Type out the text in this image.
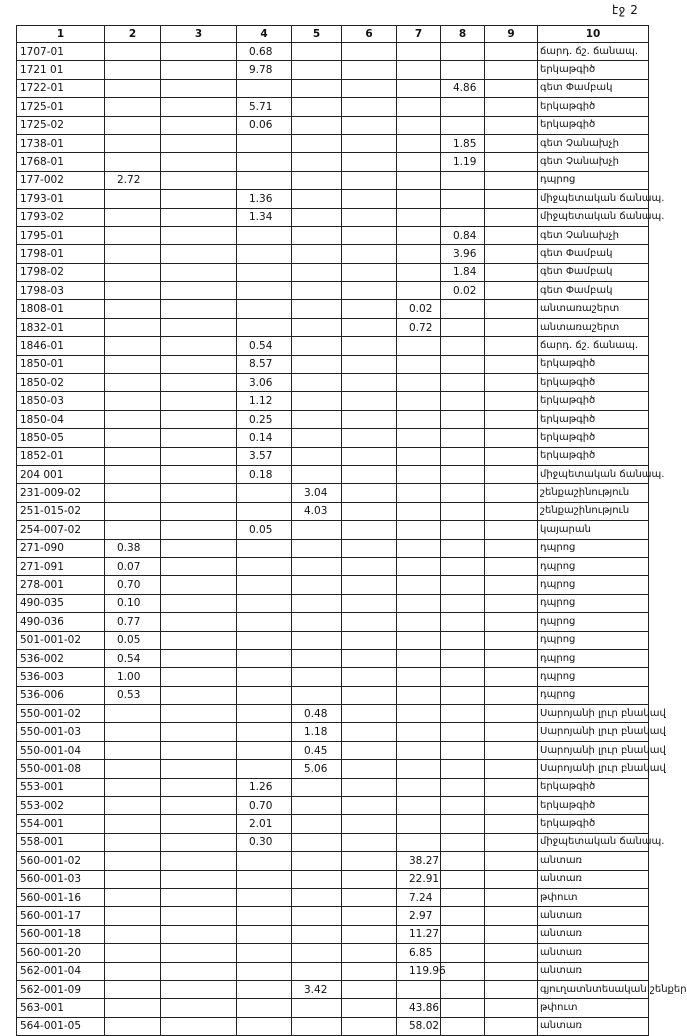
էջ 2
1	2	3	4	5	6	7	8	9	10
1707-01			0.68						ճարդ. ճշ. ճանապ.
1721 01			9.78						երկաթգիծ
1722-01							4.86		գետ Փամբակ
1725-01			5.71						երկաթգիծ
1725-02			0.06						երկաթգիծ
1738-01							1.85		գետ Չանախչի
1768-01							1.19		գետ Չանախչի
177-002	2.72								դպրոց
1793-01			1.36						միջպետական ճանապ.
1793-02			1.34						միջպետական ճանապ.
1795-01							0.84		գետ Չանախչի
1798-01							3.96		գետ Փամբակ
1798-02							1.84		գետ Փամբակ
1798-03							0.02		գետ Փամբակ
1808-01						0.02			անտառաշերտ
1832-01						0.72			անտառաշերտ
1846-01			0.54						ճարդ. ճշ. ճանապ.
1850-01			8.57						երկաթգիծ
1850-02			3.06						երկաթգիծ
1850-03			1.12						երկաթգիծ
1850-04			0.25						երկաթգիծ
1850-05			0.14						երկաթգիծ
1852-01			3.57						երկաթգիծ
204 001			0.18						միջպետական ճանապ.
231-009-02				3.04					շենքաշինություն
251-015-02				4.03					շենքաշինություն
254-007-02			0.05						կայարան
271-090	0.38								դպրոց
271-091	0.07								դպրոց
278-001	0.70								դպրոց
490-035	0.10								դպրոց
490-036	0.77								դպրոց
501-001-02	0.05								դպրոց
536-002	0.54								դպրոց
536-003	1.00								դպրոց
536-006	0.53								դպրոց
550-001-02				0.48					Սարոյանի լրւր բնակավ
550-001-03				1.18					Սարոյանի լրւր բնակավ
550-001-04				0.45					Սարոյանի լրւր բնակավ
550-001-08				5.06					Սարոյանի լրւր բնակավ
553-001			1.26						երկաթգիծ
553-002			0.70						երկաթգիծ
554-001			2.01						երկաթգիծ
558-001			0.30						միջպետական ճանապ.
560-001-02						38.27			անտառ
560-001-03						22.91			անտառ
560-001-16						7.24			թփուտ
560-001-17						2.97			անտառ
560-001-18						11.27			անտառ
560-001-20						6.85			անտառ
562-001-04						119.96			անտառ
562-001-09				3.42					գյուղատնտեսական շենքեր
563-001						43.86			թփուտ
564-001-05						58.02			անտառ
